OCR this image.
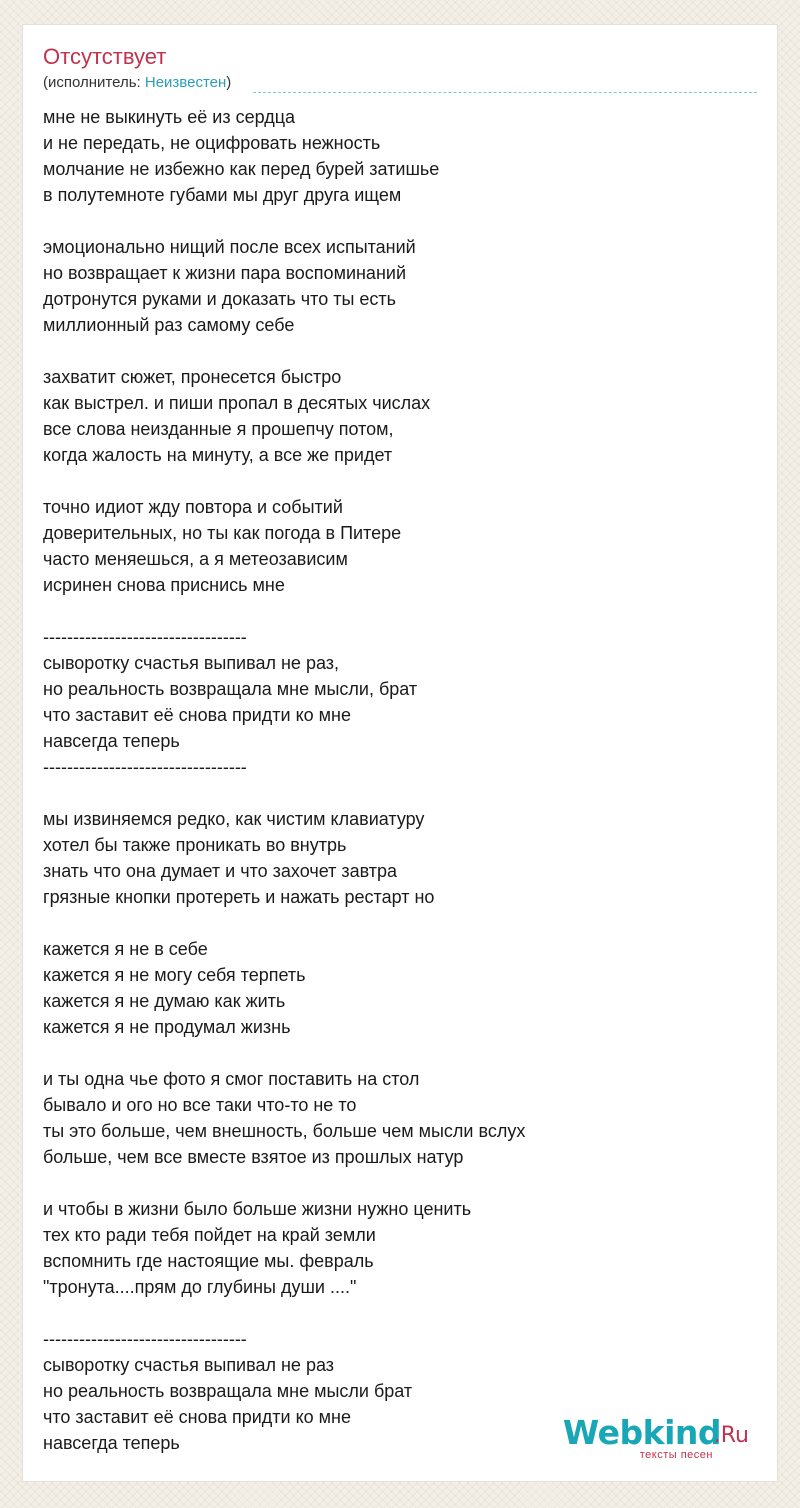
Отсутствует
(исполнитель: Неизвестен)
мне не выкинуть её из сердца
и не передать, не оцифровать нежность
молчание не избежно как перед бурей затишье
в полутемноте губами мы друг друга ищем
эмоционально нищий после всех испытаний
но возвращает к жизни пара воспоминаний
дотронутся руками и доказать что ты есть
миллионный раз самому себе
захватит сюжет, пронесется быстро
как выстрел. и пиши пропал в десятых числах
все слова неизданные я прошепчу потом,
когда жалость на минуту, а все же придет
точно идиот жду повтора и событий
доверительных, но ты как погода в Питере
часто меняешься, а я метеозависим
исринен снова приснись мне
----------------------------------
сыворотку счастья выпивал не раз,
но реальность возвращала мне мысли, брат
что заставит её снова придти ко мне
навсегда теперь
----------------------------------
мы извиняемся редко, как чистим клавиатуру
хотел бы также проникать во внутрь
знать что она думает и что захочет завтра
грязные кнопки протереть и нажать рестарт но
кажется я не в себе
кажется я не могу себя терпеть
кажется я не думаю как жить
кажется я не продумал жизнь
и ты одна чье фото я смог поставить на стол
бывало и ого но все таки что-то не то
ты это больше, чем внешность, больше чем мысли вслух
больше, чем все вместе взятое из прошлых натур
и чтобы в жизни было больше жизни нужно ценить
тех кто ради тебя пойдет на край земли
вспомнить где настоящие мы. февраль
"тронута....прям до глубины души ...."
----------------------------------
сыворотку счастья выпивал не раз
но реальность возвращала мне мысли брат
что заставит её снова придти ко мне
навсегда теперь	Webkind
.Ru
тексты песен
